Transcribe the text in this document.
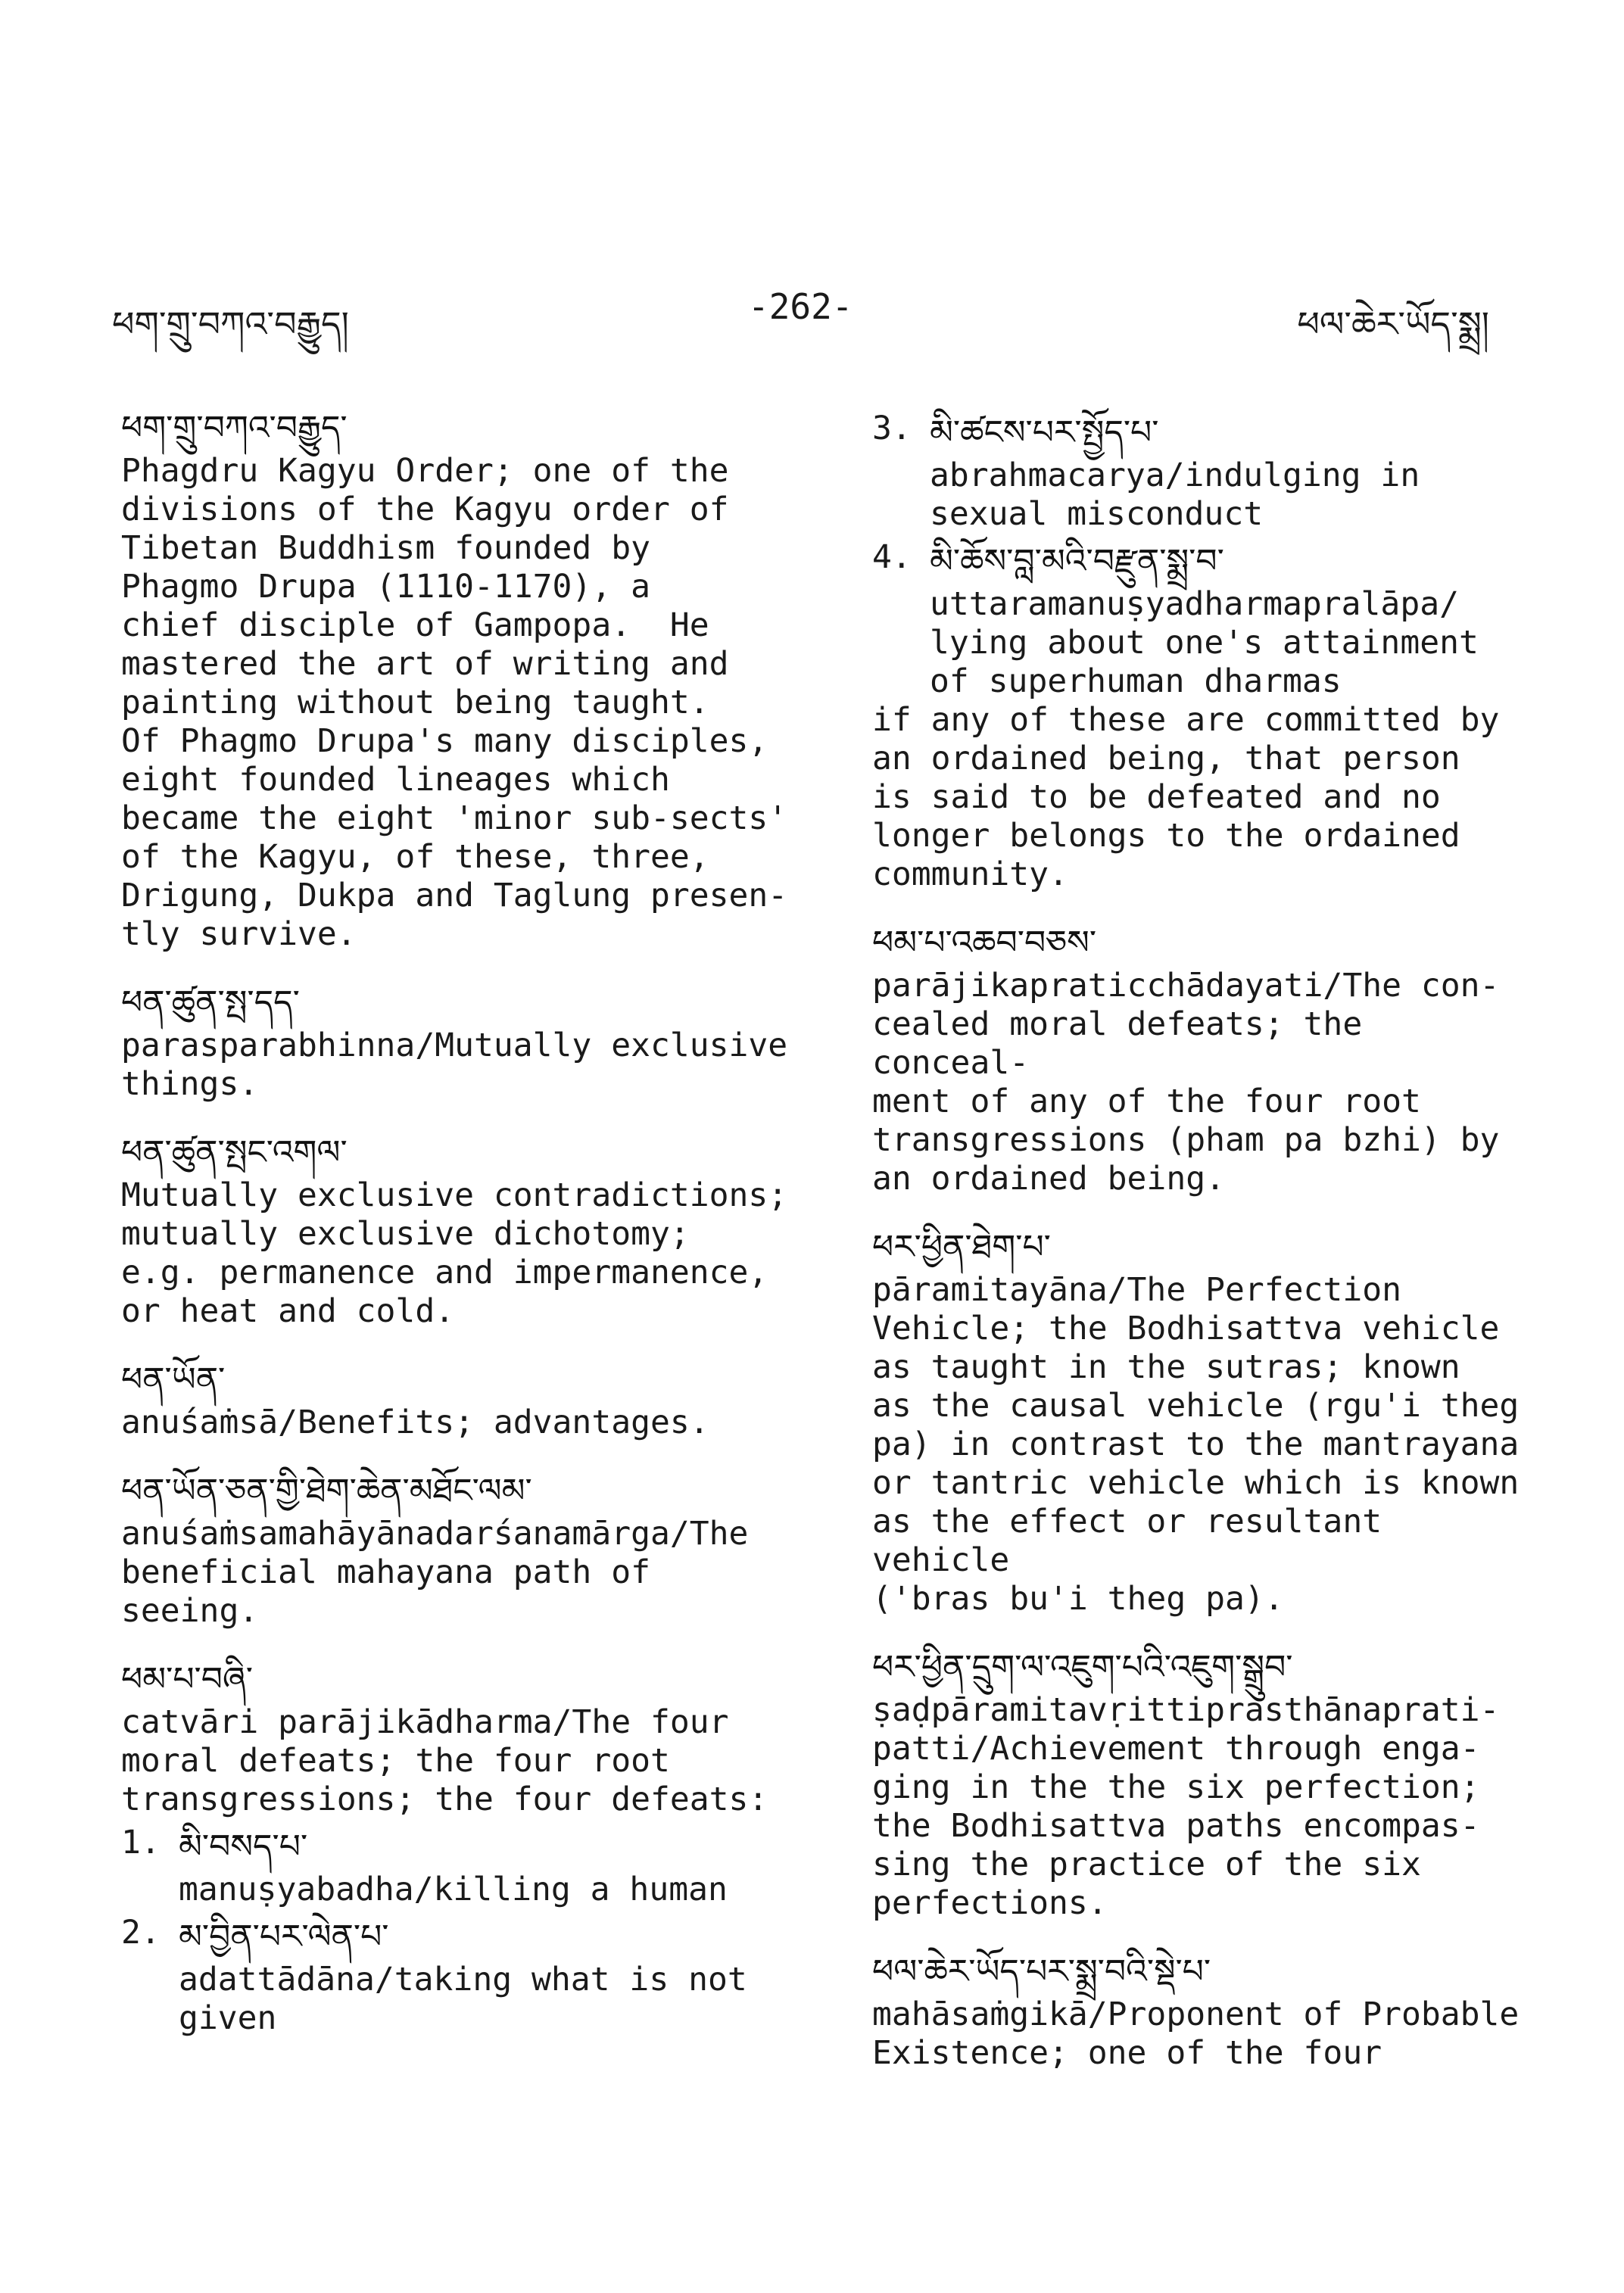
ཕག་གྲུ་བཀའ་བརྒྱུད།	-262-	ཕལ་ཆེར་ཡོད་སྨྲ།
ཕག་གྲུ་བཀའ་བརྒྱུད་
Phagdru Kagyu Order; one of the
divisions of the Kagyu order of
Tibetan Buddhism founded by
Phagmo Drupa (1110-1170), a
chief disciple of Gampopa.  He
mastered the art of writing and
painting without being taught.
Of Phagmo Drupa's many disciples,
eight founded lineages which
became the eight 'minor sub-sects'
of the Kagyu, of these, three,
Drigung, Dukpa and Taglung presen-
tly survive.
ཕན་ཚུན་སྤ་དད་
parasparabhinna/Mutually exclusive
things.
ཕན་ཚུན་སྤང་འགལ་
Mutually exclusive contradictions;
mutually exclusive dichotomy;
e.g. permanence and impermanence,
or heat and cold.
ཕན་ཡོན་
anuśaṁsā/Benefits; advantages.
ཕན་ཡོན་ཅན་གྱི་ཐེག་ཆེན་མཐོང་ལམ་
anuśaṁsamahāyānadarśanamārga/The
beneficial mahayana path of
seeing.
ཕམ་པ་བཞི་
catvāri parājikādharma/The four
moral defeats; the four root
transgressions; the four defeats:
1. མི་བསད་པ་
manuṣyabadha/killing a human
2. མ་བྱིན་པར་ལེན་པ་
adattādāna/taking what is not
given
3. མི་ཚངས་པར་སྤྱོད་པ་
abrahmacarya/indulging in
sexual misconduct
4. མི་ཆོས་བླ་མའི་བརྫུན་སྨྲ་བ་
uttaramanuṣyadharmapralāpa/
lying about one's attainment
of superhuman dharmas
if any of these are committed by
an ordained being, that person
is said to be defeated and no
longer belongs to the ordained
community.
ཕམ་པ་འཆབ་བཅས་
parājikapraticchādayati/The con-
cealed moral defeats; the conceal-
ment of any of the four root
transgressions (pham pa bzhi) by
an ordained being.
ཕར་ཕྱིན་ཐེག་པ་
pāramitayāna/The Perfection
Vehicle; the Bodhisattva vehicle
as taught in the sutras; known
as the causal vehicle (rgu'i theg
pa) in contrast to the mantrayana
or tantric vehicle which is known
as the effect or resultant vehicle
('bras bu'i theg pa).
ཕར་ཕྱིན་དྲུག་ལ་འཇུག་པའི་འཇུག་སྒྲུབ་
ṣaḍpāramitavṛittiprasthānaprati-
patti/Achievement through enga-
ging in the the six perfection;
the Bodhisattva paths encompas-
sing the practice of the six
perfections.
ཕལ་ཆེར་ཡོད་པར་སྨྲ་བའི་སྡེ་པ་
mahāsaṁgikā/Proponent of Probable
Existence; one of the four
